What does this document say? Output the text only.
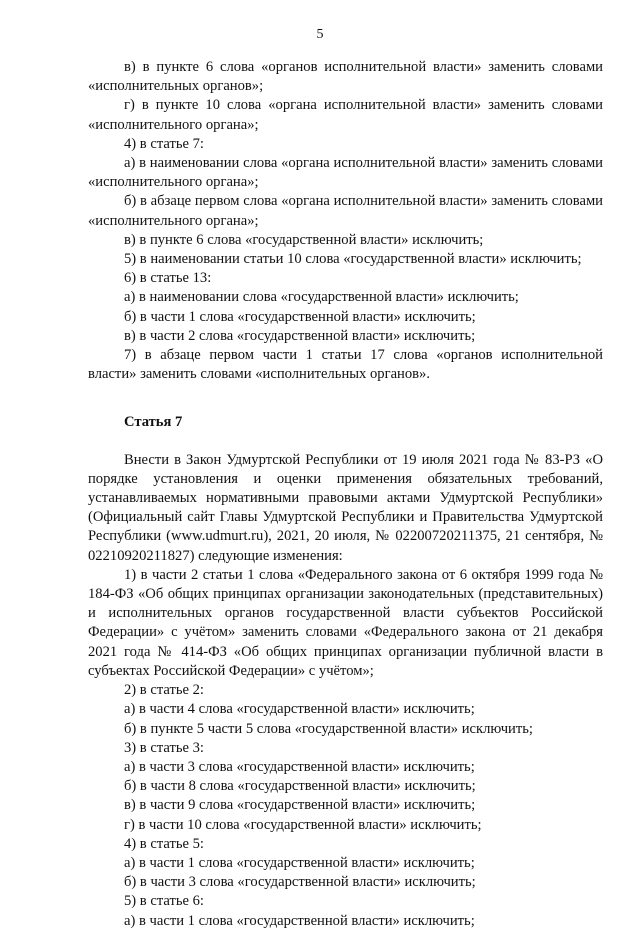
5

в) в пункте 6 слова «органов исполнительной власти» заменить словами «исполнительных органов»;

г) в пункте 10 слова «органа исполнительной власти» заменить словами «исполнительного органа»;

4) в статье 7:

а) в наименовании слова «органа исполнительной власти» заменить словами «исполнительного органа»;

б) в абзаце первом слова «органа исполнительной власти» заменить словами «исполнительного органа»;

в) в пункте 6 слова «государственной власти» исключить;

5) в наименовании статьи 10 слова «государственной власти» исключить;

6) в статье 13:

а) в наименовании слова «государственной власти» исключить;

б) в части 1 слова «государственной власти» исключить;

в) в части 2 слова «государственной власти» исключить;

7) в абзаце первом части 1 статьи 17 слова «органов исполнительной власти» заменить словами «исполнительных органов».

Статья 7

Внести в Закон Удмуртской Республики от 19 июля 2021 года № 83-РЗ «О порядке установления и оценки применения обязательных требований, устанавливаемых нормативными правовыми актами Удмуртской Республики» (Официальный сайт Главы Удмуртской Республики и Правительства Удмуртской Республики (www.udmurt.ru), 2021, 20 июля, № 02200720211375, 21 сентября, № 02210920211827) следующие изменения:

1) в части 2 статьи 1 слова «Федерального закона от 6 октября 1999 года № 184-ФЗ «Об общих принципах организации законодательных (представительных) и исполнительных органов государственной власти субъектов Российской Федерации» с учётом» заменить словами «Федерального закона от 21 декабря 2021 года № 414-ФЗ «Об общих принципах организации публичной власти в субъектах Российской Федерации» с учётом»;

2) в статье 2:

а) в части 4 слова «государственной власти» исключить;

б) в пункте 5 части 5 слова «государственной власти» исключить;

3) в статье 3:

а) в части 3 слова «государственной власти» исключить;

б) в части 8 слова «государственной власти» исключить;

в) в части 9 слова «государственной власти» исключить;

г) в части 10 слова «государственной власти» исключить;

4) в статье 5:

а) в части 1 слова «государственной власти» исключить;

б) в части 3 слова «государственной власти» исключить;

5) в статье 6:

а) в части 1 слова «государственной власти» исключить;
